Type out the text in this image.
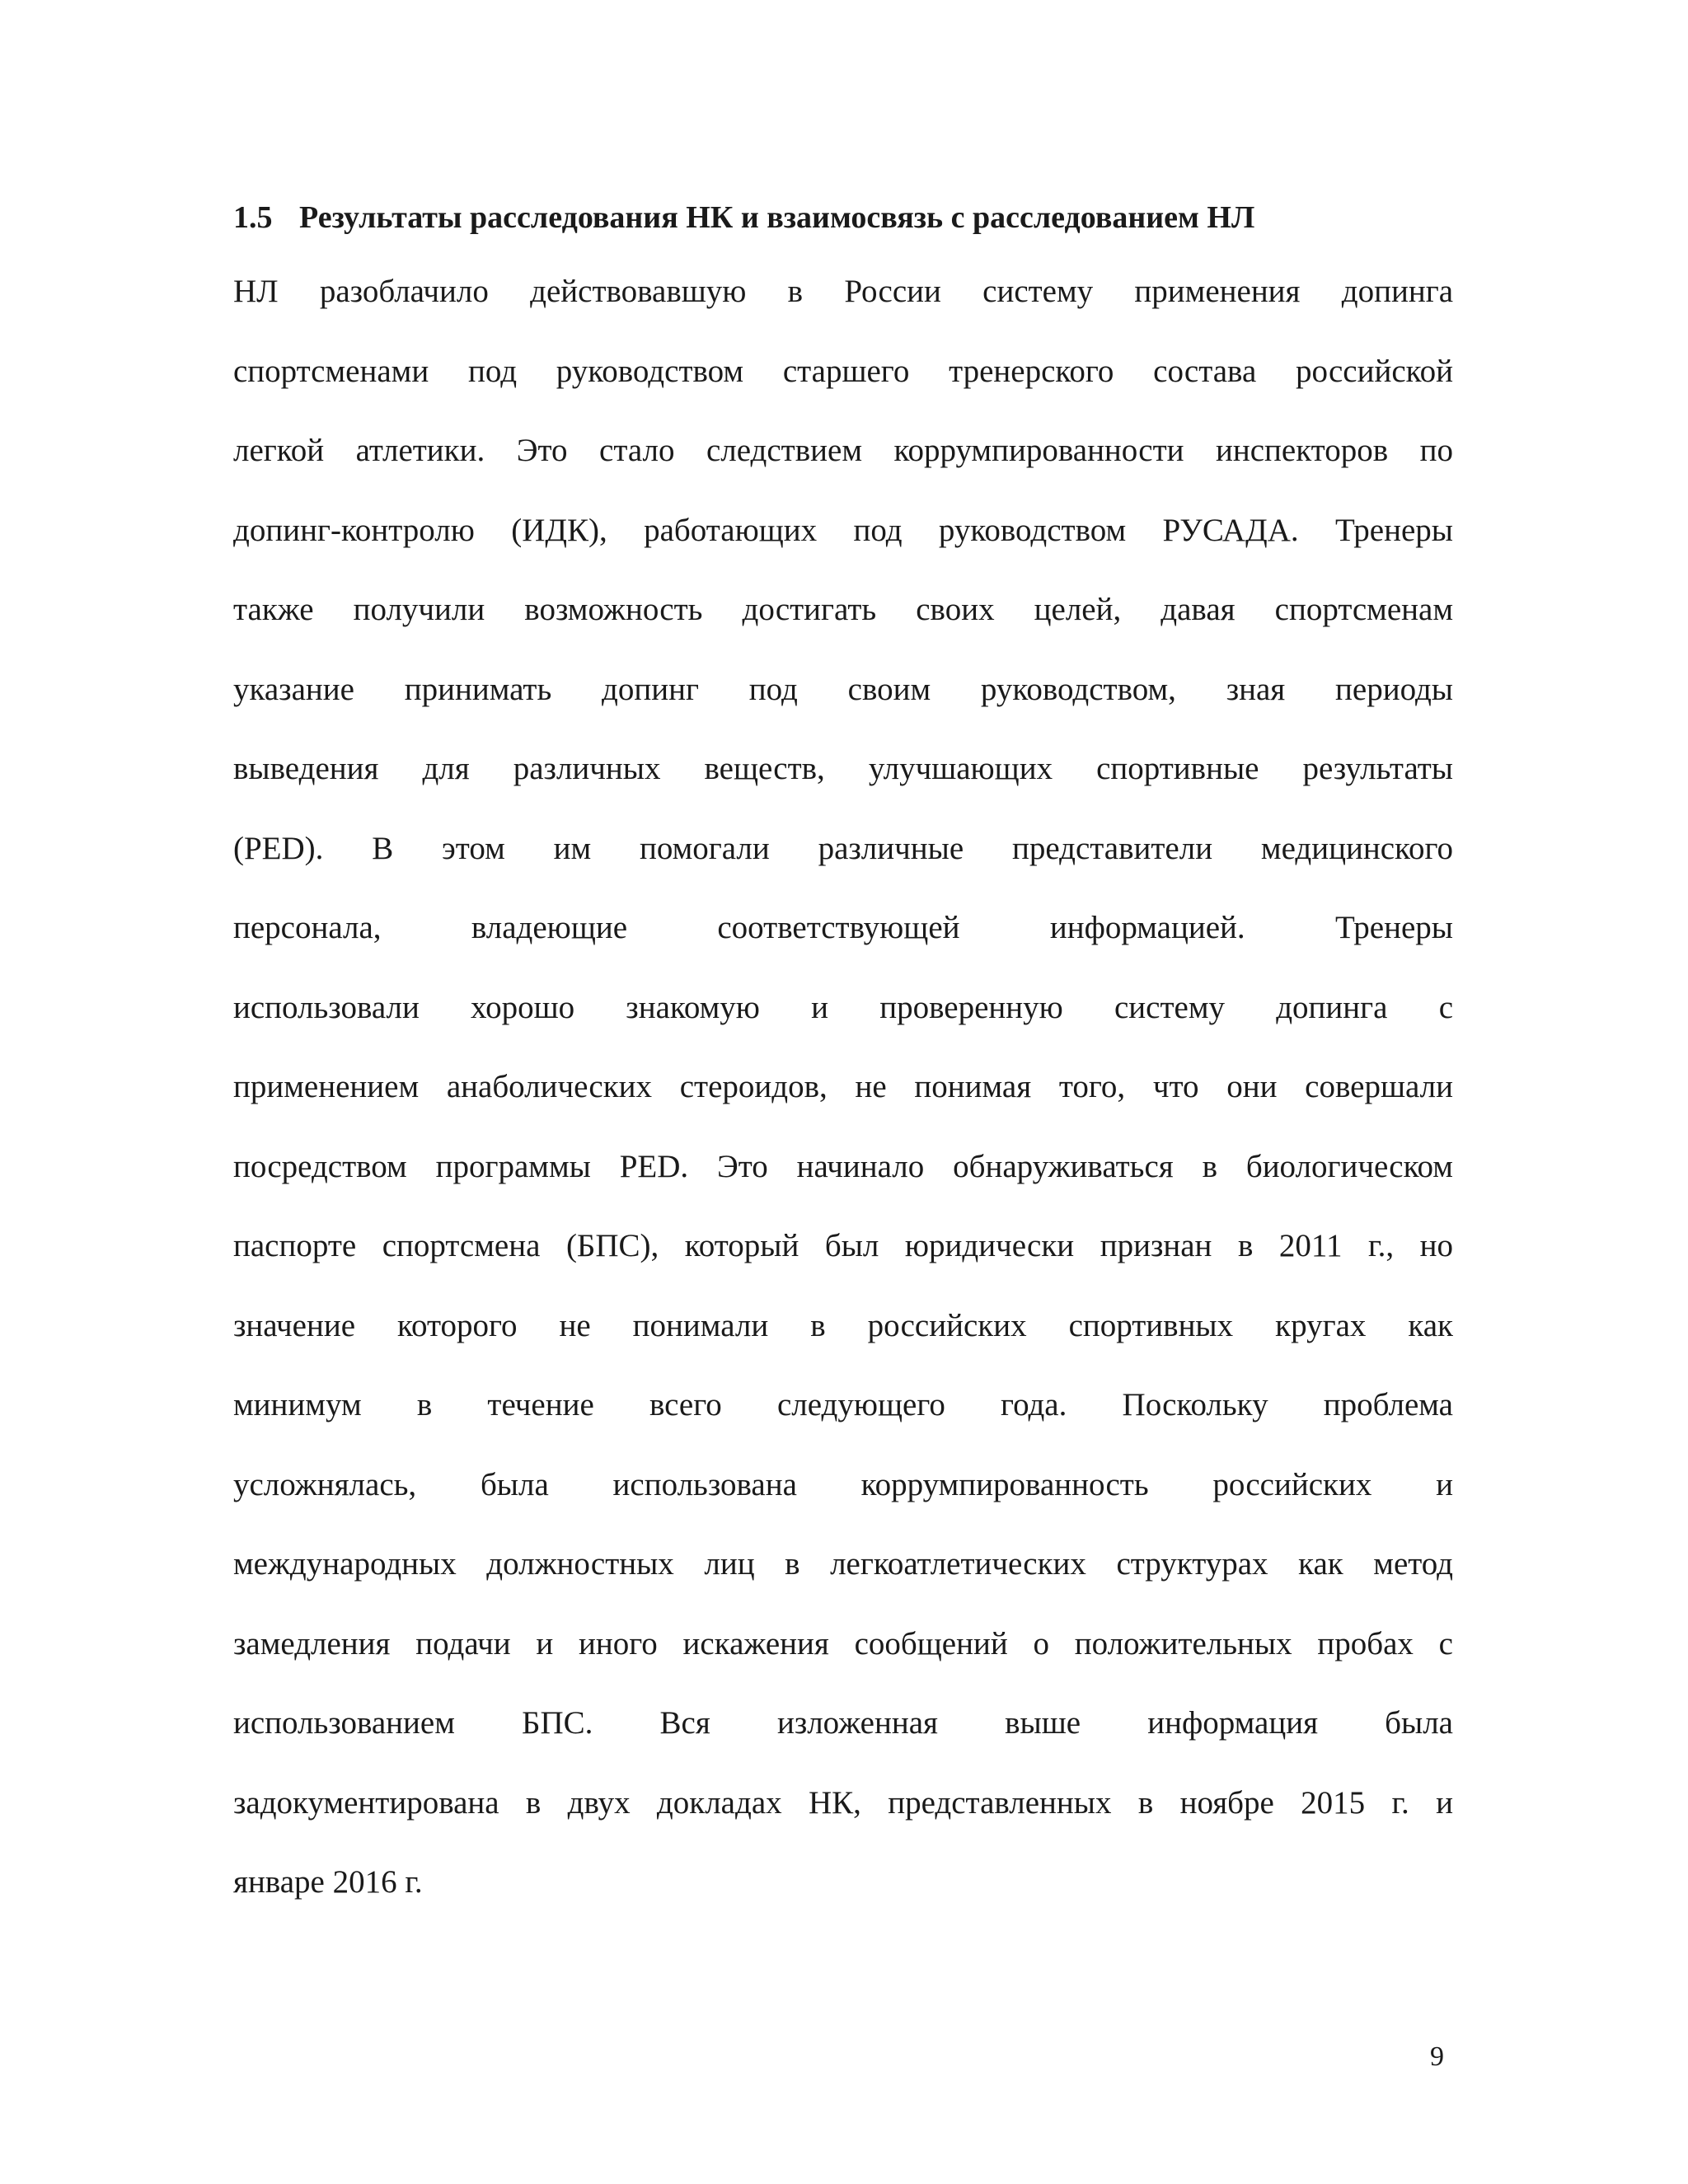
1.5 Результаты расследования НК и взаимосвязь с расследованием НЛ
НЛ разоблачило действовавшую в России систему применения допинга
спортсменами под руководством старшего тренерского состава российской
легкой атлетики. Это стало следствием коррумпированности инспекторов по
допинг-контролю (ИДК), работающих под руководством РУСАДА. Тренеры
также получили возможность достигать своих целей, давая спортсменам
указание принимать допинг под своим руководством, зная периоды
выведения для различных веществ, улучшающих спортивные результаты
(PED). В этом им помогали различные представители медицинского
персонала, владеющие соответствующей информацией. Тренеры
использовали хорошо знакомую и проверенную систему допинга с
применением анаболических стероидов, не понимая того, что они совершали
посредством программы PED. Это начинало обнаруживаться в биологическом
паспорте спортсмена (БПС), который был юридически признан в 2011 г., но
значение которого не понимали в российских спортивных кругах как
минимум в течение всего следующего года. Поскольку проблема
усложнялась, была использована коррумпированность российских и
международных должностных лиц в легкоатлетических структурах как метод
замедления подачи и иного искажения сообщений о положительных пробах с
использованием БПС. Вся изложенная выше информация была
задокументирована в двух докладах НК, представленных в ноябре 2015 г. и
январе 2016 г.
9
